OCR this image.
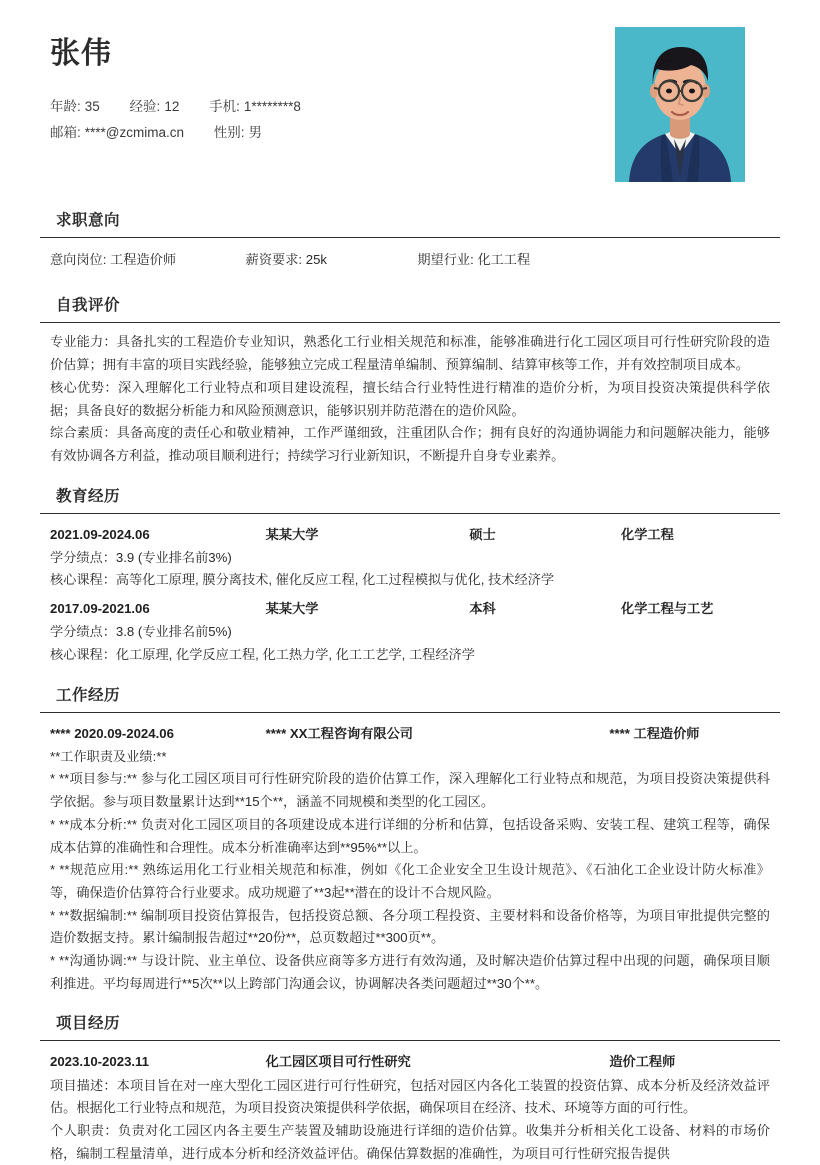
张伟
年龄: 35 经验: 12 手机: 1********8
邮箱: ****@zcmima.cn 性别: 男
求职意向
意向岗位: 工程造价师	薪资要求: 25k	期望行业: 化工工程
自我评价

专业能力：具备扎实的工程造价专业知识，熟悉化工行业相关规范和标准，能够准确进行化工园区项目可行性研究阶段的造价估算；拥有丰富的项目实践经验，能够独立完成工程量清单编制、预算编制、结算审核等工作，并有效控制项目成本。

核心优势：深入理解化工行业特点和项目建设流程，擅长结合行业特性进行精准的造价分析，为项目投资决策提供科学依据；具备良好的数据分析能力和风险预测意识，能够识别并防范潜在的造价风险。

综合素质：具备高度的责任心和敬业精神，工作严谨细致，注重团队合作；拥有良好的沟通协调能力和问题解决能力，能够有效协调各方利益，推动项目顺利进行；持续学习行业新知识，不断提升自身专业素养。

教育经历
2021.09-2024.06	某某大学	硕士	化学工程
学分绩点：3.9 (专业排名前3%)
核心课程：高等化工原理, 膜分离技术, 催化反应工程, 化工过程模拟与优化, 技术经济学
2017.09-2021.06	某某大学	本科	化学工程与工艺
学分绩点：3.8 (专业排名前5%)
核心课程：化工原理, 化学反应工程, 化工热力学, 化工工艺学, 工程经济学
工作经历
**** 2020.09-2024.06	**** XX工程咨询有限公司	**** 工程造价师

**工作职责及业绩:**

* **项目参与:** 参与化工园区项目可行性研究阶段的造价估算工作，深入理解化工行业特点和规范，为项目投资决策提供科学依据。参与项目数量累计达到**15个**，涵盖不同规模和类型的化工园区。

* **成本分析:** 负责对化工园区项目的各项建设成本进行详细的分析和估算，包括设备采购、安装工程、建筑工程等，确保成本估算的准确性和合理性。成本分析准确率达到**95%**以上。

* **规范应用:** 熟练运用化工行业相关规范和标准，例如《化工企业安全卫生设计规范》、《石油化工企业设计防火标准》等，确保造价估算符合行业要求。成功规避了**3起**潜在的设计不合规风险。

* **数据编制:** 编制项目投资估算报告，包括投资总额、各分项工程投资、主要材料和设备价格等，为项目审批提供完整的造价数据支持。累计编制报告超过**20份**，总页数超过**300页**。

* **沟通协调:** 与设计院、业主单位、设备供应商等多方进行有效沟通，及时解决造价估算过程中出现的问题，确保项目顺利推进。平均每周进行**5次**以上跨部门沟通会议，协调解决各类问题超过**30个**。

项目经历
2023.10-2023.11	化工园区项目可行性研究	造价工程师

项目描述：本项目旨在对一座大型化工园区进行可行性研究，包括对园区内各化工装置的投资估算、成本分析及经济效益评估。根据化工行业特点和规范，为项目投资决策提供科学依据，确保项目在经济、技术、环境等方面的可行性。

个人职责：负责对化工园区内各主要生产装置及辅助设施进行详细的造价估算。收集并分析相关化工设备、材料的市场价格，编制工程量清单，进行成本分析和经济效益评估。确保估算数据的准确性，为项目可行性研究报告提供
